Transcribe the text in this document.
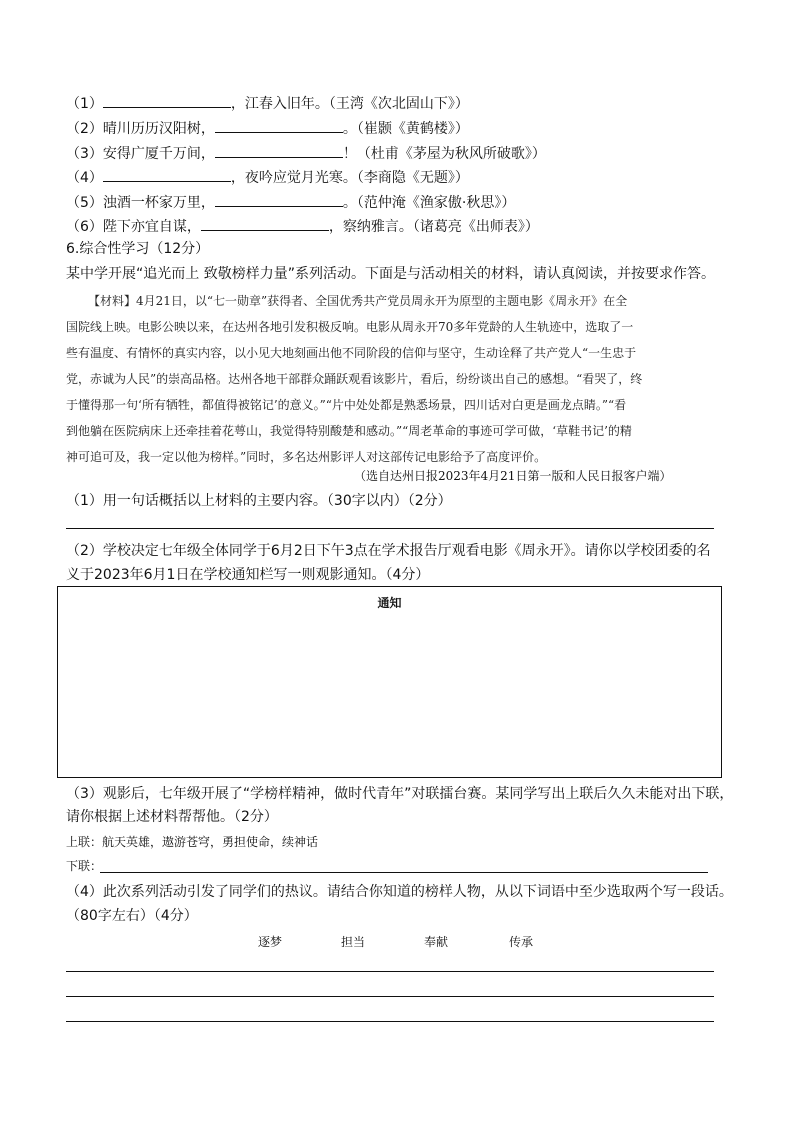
（1）	，江春入旧年。（王湾《次北固山下》）
（2）晴川历历汉阳树，	。（崔颢《黄鹤楼》）
（3）安得广厦千万间，	！（杜甫《茅屋为秋风所破歌》）
（4）	，夜吟应觉月光寒。（李商隐《无题》）
（5）浊酒一杯家万里，	。（范仲淹《渔家傲·秋思》）
（6）陛下亦宜自谋，	，察纳雅言。（诸葛亮《出师表》）
6.综合性学习（12分）
某中学开展“追光而上 致敬榜样力量”系列活动。下面是与活动相关的材料，请认真阅读，并按要求作答。
【材料】4月21日，以“七一勋章”获得者、全国优秀共产党员周永开为原型的主题电影《周永开》在全
国院线上映。电影公映以来，在达州各地引发积极反响。电影从周永开70多年党龄的人生轨迹中，选取了一
些有温度、有情怀的真实内容，以小见大地刻画出他不同阶段的信仰与坚守，生动诠释了共产党人“一生忠于
党，赤诚为人民”的崇高品格。达州各地干部群众踊跃观看该影片，看后，纷纷谈出自己的感想。“看哭了，终
于懂得那一句‘所有牺牲，都值得被铭记’的意义。”“片中处处都是熟悉场景，四川话对白更是画龙点睛。”“看
到他躺在医院病床上还牵挂着花萼山，我觉得特别酸楚和感动。”“周老革命的事迹可学可做，‘草鞋书记’的精
神可追可及，我一定以他为榜样。”同时，多名达州影评人对这部传记电影给予了高度评价。
（选自达州日报2023年4月21日第一版和人民日报客户端）
（1）用一句话概括以上材料的主要内容。（30字以内）（2分）
（2）学校决定七年级全体同学于6月2日下午3点在学术报告厅观看电影《周永开》。请你以学校团委的名
义于2023年6月1日在学校通知栏写一则观影通知。（4分）
通知
（3）观影后，七年级开展了“学榜样精神，做时代青年”对联擂台赛。某同学写出上联后久久未能对出下联，
请你根据上述材料帮帮他。（2分）
上联：航天英雄，遨游苍穹，勇担使命，续神话
下联：
（4）此次系列活动引发了同学们的热议。请结合你知道的榜样人物，从以下词语中至少选取两个写一段话。
（80字左右）（4分）
逐梦	担当	奉献	传承
